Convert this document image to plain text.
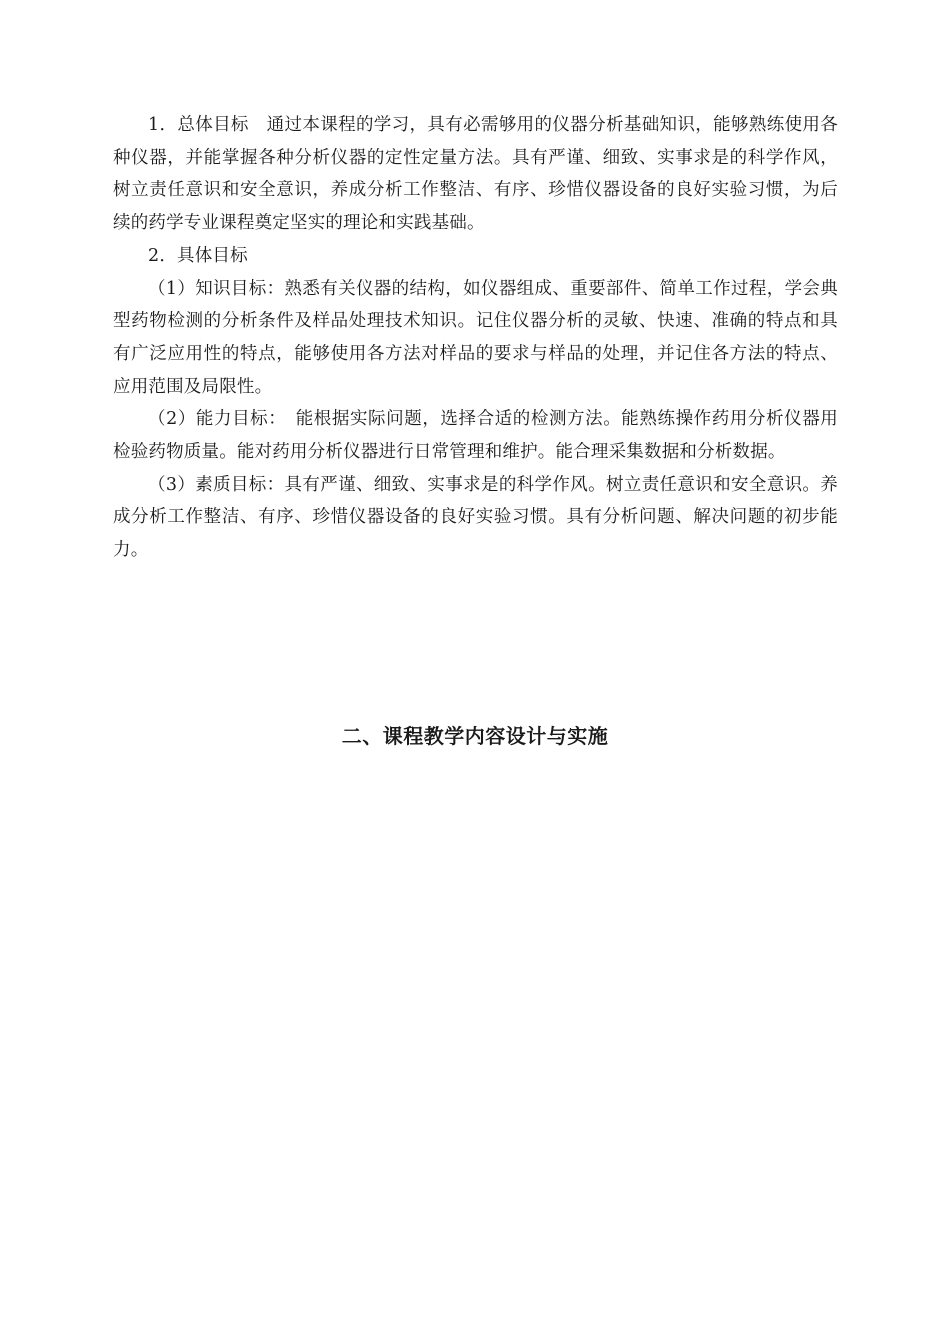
1．总体目标　通过本课程的学习，具有必需够用的仪器分析基础知识，能够熟练使用各种仪器，并能掌握各种分析仪器的定性定量方法。具有严谨、细致、实事求是的科学作风，树立责任意识和安全意识，养成分析工作整洁、有序、珍惜仪器设备的良好实验习惯，为后续的药学专业课程奠定坚实的理论和实践基础。

2．具体目标

（1）知识目标：熟悉有关仪器的结构，如仪器组成、重要部件、简单工作过程，学会典型药物检测的分析条件及样品处理技术知识。记住仪器分析的灵敏、快速、准确的特点和具有广泛应用性的特点，能够使用各方法对样品的要求与样品的处理，并记住各方法的特点、应用范围及局限性。

（2）能力目标：　能根据实际问题，选择合适的检测方法。能熟练操作药用分析仪器用检验药物质量。能对药用分析仪器进行日常管理和维护。能合理采集数据和分析数据。

（3）素质目标：具有严谨、细致、实事求是的科学作风。树立责任意识和安全意识。养成分析工作整洁、有序、珍惜仪器设备的良好实验习惯。具有分析问题、解决问题的初步能力。

二、课程教学内容设计与实施
